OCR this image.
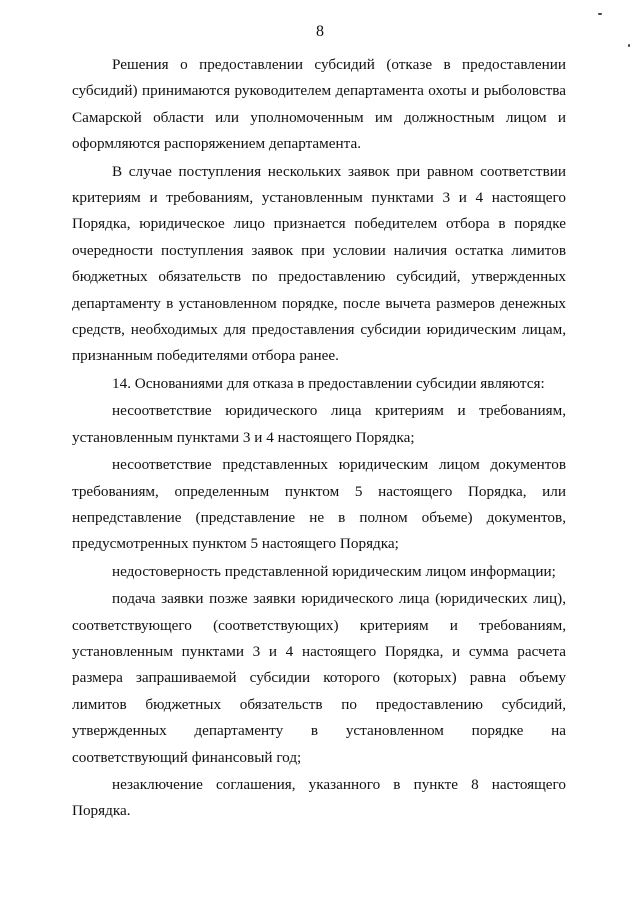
8

Решения о предоставлении субсидий (отказе в предоставлении субсидий) принимаются руководителем департамента охоты и рыболовства Самарской области или уполномоченным им должностным лицом и оформляются распоряжением департамента.

В случае поступления нескольких заявок при равном соответствии критериям и требованиям, установленным пунктами 3 и 4 настоящего Порядка, юридическое лицо признается победителем отбора в порядке очередности поступления заявок при условии наличия остатка лимитов бюджетных обязательств по предоставлению субсидий, утвержденных департаменту в установленном порядке, после вычета размеров денежных средств, необходимых для предоставления субсидии юридическим лицам, признанным победителями отбора ранее.

14. Основаниями для отказа в предоставлении субсидии являются:

несоответствие юридического лица критериям и требованиям, установленным пунктами 3 и 4 настоящего Порядка;

несоответствие представленных юридическим лицом документов требованиям, определенным пунктом 5 настоящего Порядка, или непредставление (представление не в полном объеме) документов, предусмотренных пунктом 5 настоящего Порядка;

недостоверность представленной юридическим лицом информации;

подача заявки позже заявки юридического лица (юридических лиц), соответствующего (соответствующих) критериям и требованиям, установленным пунктами 3 и 4 настоящего Порядка, и сумма расчета размера запрашиваемой субсидии которого (которых) равна объему лимитов бюджетных обязательств по предоставлению субсидий, утвержденных департаменту в установленном порядке на соответствующий финансовый год;

незаключение соглашения, указанного в пункте 8 настоящего Порядка.
